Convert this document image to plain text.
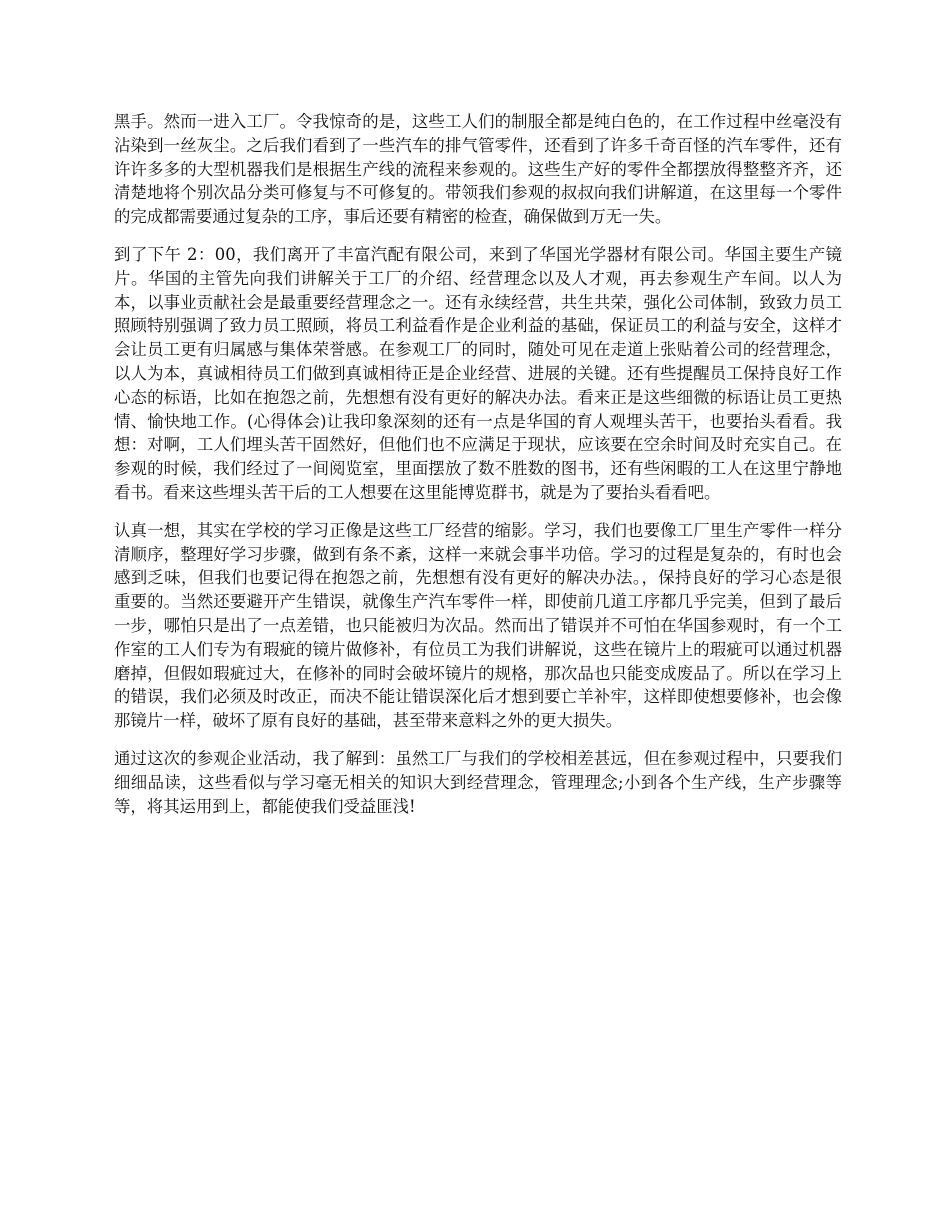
黑手。然而一进入工厂。令我惊奇的是，这些工人们的制服全都是纯白色的，在工作过程中丝毫没有沾染到一丝灰尘。之后我们看到了一些汽车的排气管零件，还看到了许多千奇百怪的汽车零件，还有许许多多的大型机器我们是根据生产线的流程来参观的。这些生产好的零件全都摆放得整整齐齐，还清楚地将个别次品分类可修复与不可修复的。带领我们参观的叔叔向我们讲解道，在这里每一个零件的完成都需要通过复杂的工序，事后还要有精密的检查，确保做到万无一失。

到了下午 2：00，我们离开了丰富汽配有限公司，来到了华国光学器材有限公司。华国主要生产镜片。华国的主管先向我们讲解关于工厂的介绍、经营理念以及人才观，再去参观生产车间。以人为本，以事业贡献社会是最重要经营理念之一。还有永续经营，共生共荣，强化公司体制，致致力员工照顾特别强调了致力员工照顾，将员工利益看作是企业利益的基础，保证员工的利益与安全，这样才会让员工更有归属感与集体荣誉感。在参观工厂的同时，随处可见在走道上张贴着公司的经营理念，以人为本，真诚相待员工们做到真诚相待正是企业经营、进展的关键。还有些提醒员工保持良好工作心态的标语，比如在抱怨之前，先想想有没有更好的解决办法。看来正是这些细微的标语让员工更热情、愉快地工作。(心得体会)让我印象深刻的还有一点是华国的育人观埋头苦干，也要抬头看看。我想：对啊，工人们埋头苦干固然好，但他们也不应满足于现状，应该要在空余时间及时充实自己。在参观的时候，我们经过了一间阅览室，里面摆放了数不胜数的图书，还有些闲暇的工人在这里宁静地看书。看来这些埋头苦干后的工人想要在这里能博览群书，就是为了要抬头看看吧。

认真一想，其实在学校的学习正像是这些工厂经营的缩影。学习，我们也要像工厂里生产零件一样分清顺序，整理好学习步骤，做到有条不紊，这样一来就会事半功倍。学习的过程是复杂的，有时也会感到乏味，但我们也要记得在抱怨之前，先想想有没有更好的解决办法。，保持良好的学习心态是很重要的。当然还要避开产生错误，就像生产汽车零件一样，即使前几道工序都几乎完美，但到了最后一步，哪怕只是出了一点差错，也只能被归为次品。然而出了错误并不可怕在华国参观时，有一个工作室的工人们专为有瑕疵的镜片做修补，有位员工为我们讲解说，这些在镜片上的瑕疵可以通过机器磨掉，但假如瑕疵过大，在修补的同时会破坏镜片的规格，那次品也只能变成废品了。所以在学习上的错误，我们必须及时改正，而决不能让错误深化后才想到要亡羊补牢，这样即使想要修补，也会像那镜片一样，破坏了原有良好的基础，甚至带来意料之外的更大损失。

通过这次的参观企业活动，我了解到：虽然工厂与我们的学校相差甚远，但在参观过程中，只要我们细细品读，这些看似与学习毫无相关的知识大到经营理念，管理理念;小到各个生产线，生产步骤等等，将其运用到上，都能使我们受益匪浅!
